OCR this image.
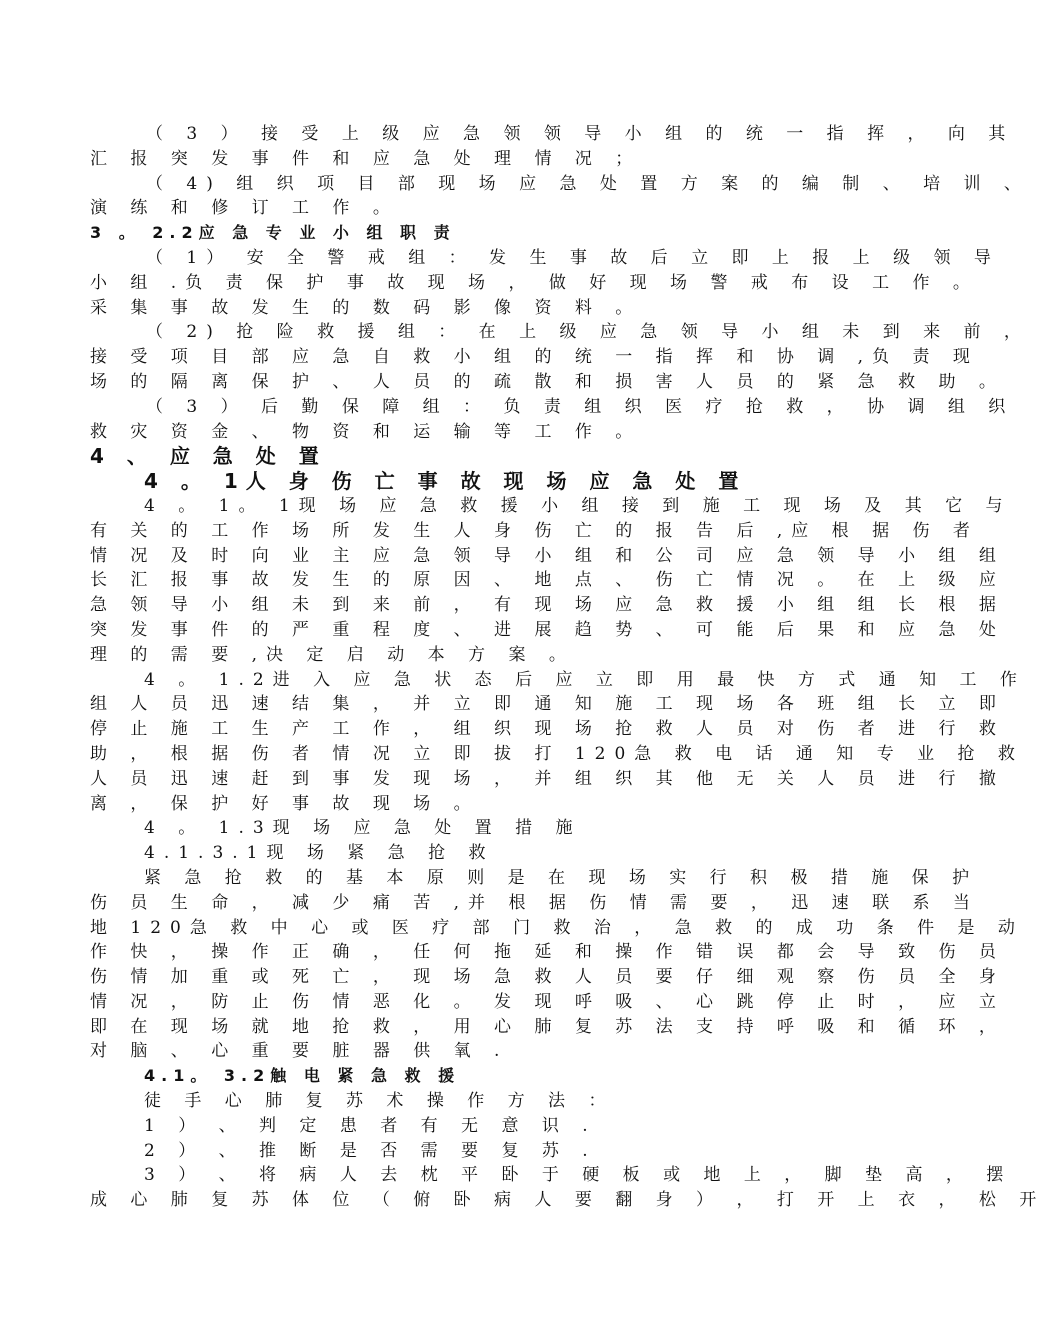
（ 3 ） 接 受 上 级 应 急 领 领 导 小 组 的 统 一 指 挥 ， 向 其
汇 报 突 发 事 件 和 应 急 处 理 情 况 ；
（ 4) 组 织 项 目 部 现 场 应 急 处 置 方 案 的 编 制 、 培 训 、
演 练 和 修 订 工 作 。
3 。 2.2应 急 专 业 小 组 职 责
（ 1） 安 全 警 戒 组 ： 发 生 事 故 后 立 即 上 报 上 级 领 导
小 组 .负 责 保 护 事 故 现 场 ， 做 好 现 场 警 戒 布 设 工 作 。
采 集 事 故 发 生 的 数 码 影 像 资 料 。
（ 2) 抢 险 救 援 组 ： 在 上 级 应 急 领 导 小 组 未 到 来 前 ，
接 受 项 目 部 应 急 自 救 小 组 的 统 一 指 挥 和 协 调 ,负 责 现
场 的 隔 离 保 护 、 人 员 的 疏 散 和 损 害 人 员 的 紧 急 救 助 。
（ 3 ） 后 勤 保 障 组 ： 负 责 组 织 医 疗 抢 救 ， 协 调 组 织
救 灾 资 金 、 物 资 和 运 输 等 工 作 。
4 、 应 急 处 置
4 。 1人 身 伤 亡 事 故 现 场 应 急 处 置
4 。 1。 1现 场 应 急 救 援 小 组 接 到 施 工 现 场 及 其 它 与
有 关 的 工 作 场 所 发 生 人 身 伤 亡 的 报 告 后 ,应 根 据 伤 者
情 况 及 时 向 业 主 应 急 领 导 小 组 和 公 司 应 急 领 导 小 组 组
长 汇 报 事 故 发 生 的 原 因 、 地 点 、 伤 亡 情 况 。 在 上 级 应
急 领 导 小 组 未 到 来 前 ， 有 现 场 应 急 救 援 小 组 组 长 根 据
突 发 事 件 的 严 重 程 度 、 进 展 趋 势 、 可 能 后 果 和 应 急 处
理 的 需 要 ,决 定 启 动 本 方 案 。
4 。 1.2进 入 应 急 状 态 后 应 立 即 用 最 快 方 式 通 知 工 作
组 人 员 迅 速 结 集 ， 并 立 即 通 知 施 工 现 场 各 班 组 长 立 即
停 止 施 工 生 产 工 作 ， 组 织 现 场 抢 救 人 员 对 伤 者 进 行 救
助 ， 根 据 伤 者 情 况 立 即 拔 打 120急 救 电 话 通 知 专 业 抢 救
人 员 迅 速 赶 到 事 发 现 场 ， 并 组 织 其 他 无 关 人 员 进 行 撤
离 ， 保 护 好 事 故 现 场 。
4 。 1.3现 场 应 急 处 置 措 施
4.1.3.1现 场 紧 急 抢 救
紧 急 抢 救 的 基 本 原 则 是 在 现 场 实 行 积 极 措 施 保 护
伤 员 生 命 ， 减 少 痛 苦 ,并 根 据 伤 情 需 要 ， 迅 速 联 系 当
地 120急 救 中 心 或 医 疗 部 门 救 治 ， 急 救 的 成 功 条 件 是 动
作 快 ， 操 作 正 确 ， 任 何 拖 延 和 操 作 错 误 都 会 导 致 伤 员
伤 情 加 重 或 死 亡 ， 现 场 急 救 人 员 要 仔 细 观 察 伤 员 全 身
情 况 ， 防 止 伤 情 恶 化 。 发 现 呼 吸 、 心 跳 停 止 时 ， 应 立
即 在 现 场 就 地 抢 救 ， 用 心 肺 复 苏 法 支 持 呼 吸 和 循 环 ，
对 脑 、 心 重 要 脏 器 供 氧 .
4.1。 3.2触 电 紧 急 救 援
徒 手 心 肺 复 苏 术 操 作 方 法 ：
1 ） 、 判 定 患 者 有 无 意 识 .
2 ） 、 推 断 是 否 需 要 复 苏 .
3 ） 、 将 病 人 去 枕 平 卧 于 硬 板 或 地 上 ， 脚 垫 高 ， 摆
成 心 肺 复 苏 体 位 （ 俯 卧 病 人 要 翻 身 ） ， 打 开 上 衣 ， 松 开
